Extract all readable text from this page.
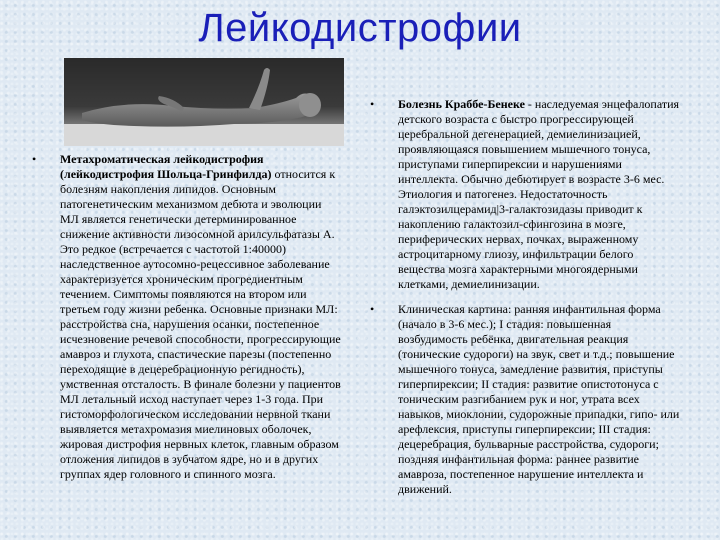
Лейкодистрофии
• Метахроматическая лейкодистрофия (лейкодистрофия Шольца-Гринфилда) относится к болезням накопления липидов. Основным патогенетическим механизмом дебюта и эволюции МЛ является генетически детерминированное снижение активности лизосомной арилсульфатазы А. Это редкое (встречается с частотой 1:40000) наследственное аутосомно-рецессивное заболевание характеризуется хроническим прогредиентным течением. Симптомы появляются на втором или третьем году жизни ребенка. Основные признаки МЛ: расстройства сна, нарушения осанки, постепенное исчезновение речевой способности, прогрессирующие амавроз и глухота, спастические парезы (постепенно переходящие в децеребрационную регидность), умственная отсталость. В финале болезни у пациентов МЛ летальный исход наступает через 1-3 года. При гистоморфологическом исследовании нервной ткани выявляется метахромазия миелиновых оболочек, жировая дистрофия нервных клеток, главным образом отложения липидов в зубчатом ядре, но и в других группах ядер головного и спинного мозга.
• Болезнь Краббе-Бенеке - наследуемая энцефалопатия детского возраста с быстро прогрессирующей церебральной дегенерацией, демиелинизацией, проявляющаяся повышением мышечного тонуса, приступами гиперпирексии и нарушениями интеллекта. Обычно дебютирует в возрасте 3-6 мес. Этиология и патогенез. Недостаточность галэктозилцерамид|3-галактозидазы приводит к накоплению галактозил-сфингозина в мозге, периферических нервах, почках, выраженному астроцитарному глиозу, инфильтрации белого вещества мозга характерными многоядерными клетками, демиелинизации.
• Клиническая картина: ранняя инфантильная форма (начало в 3-6 мес.); I стадия: повышенная возбудимость ребёнка, двигательная реакция (тонические судороги) на звук, свет и т.д.; повышение мышечного тонуса, замедление развития, приступы гиперпирексии; II стадия: развитие опистотонуса с тоническим разгибанием рук и ног, утрата всех навыков, миоклонии, судорожные припадки, гипо- или арефлексия, приступы гиперпирексии; III стадия: децеребрация, бульварные расстройства, судороги; поздняя инфантильная форма: раннее развитие амавроза, постепенное нарушение интеллекта и движений.
